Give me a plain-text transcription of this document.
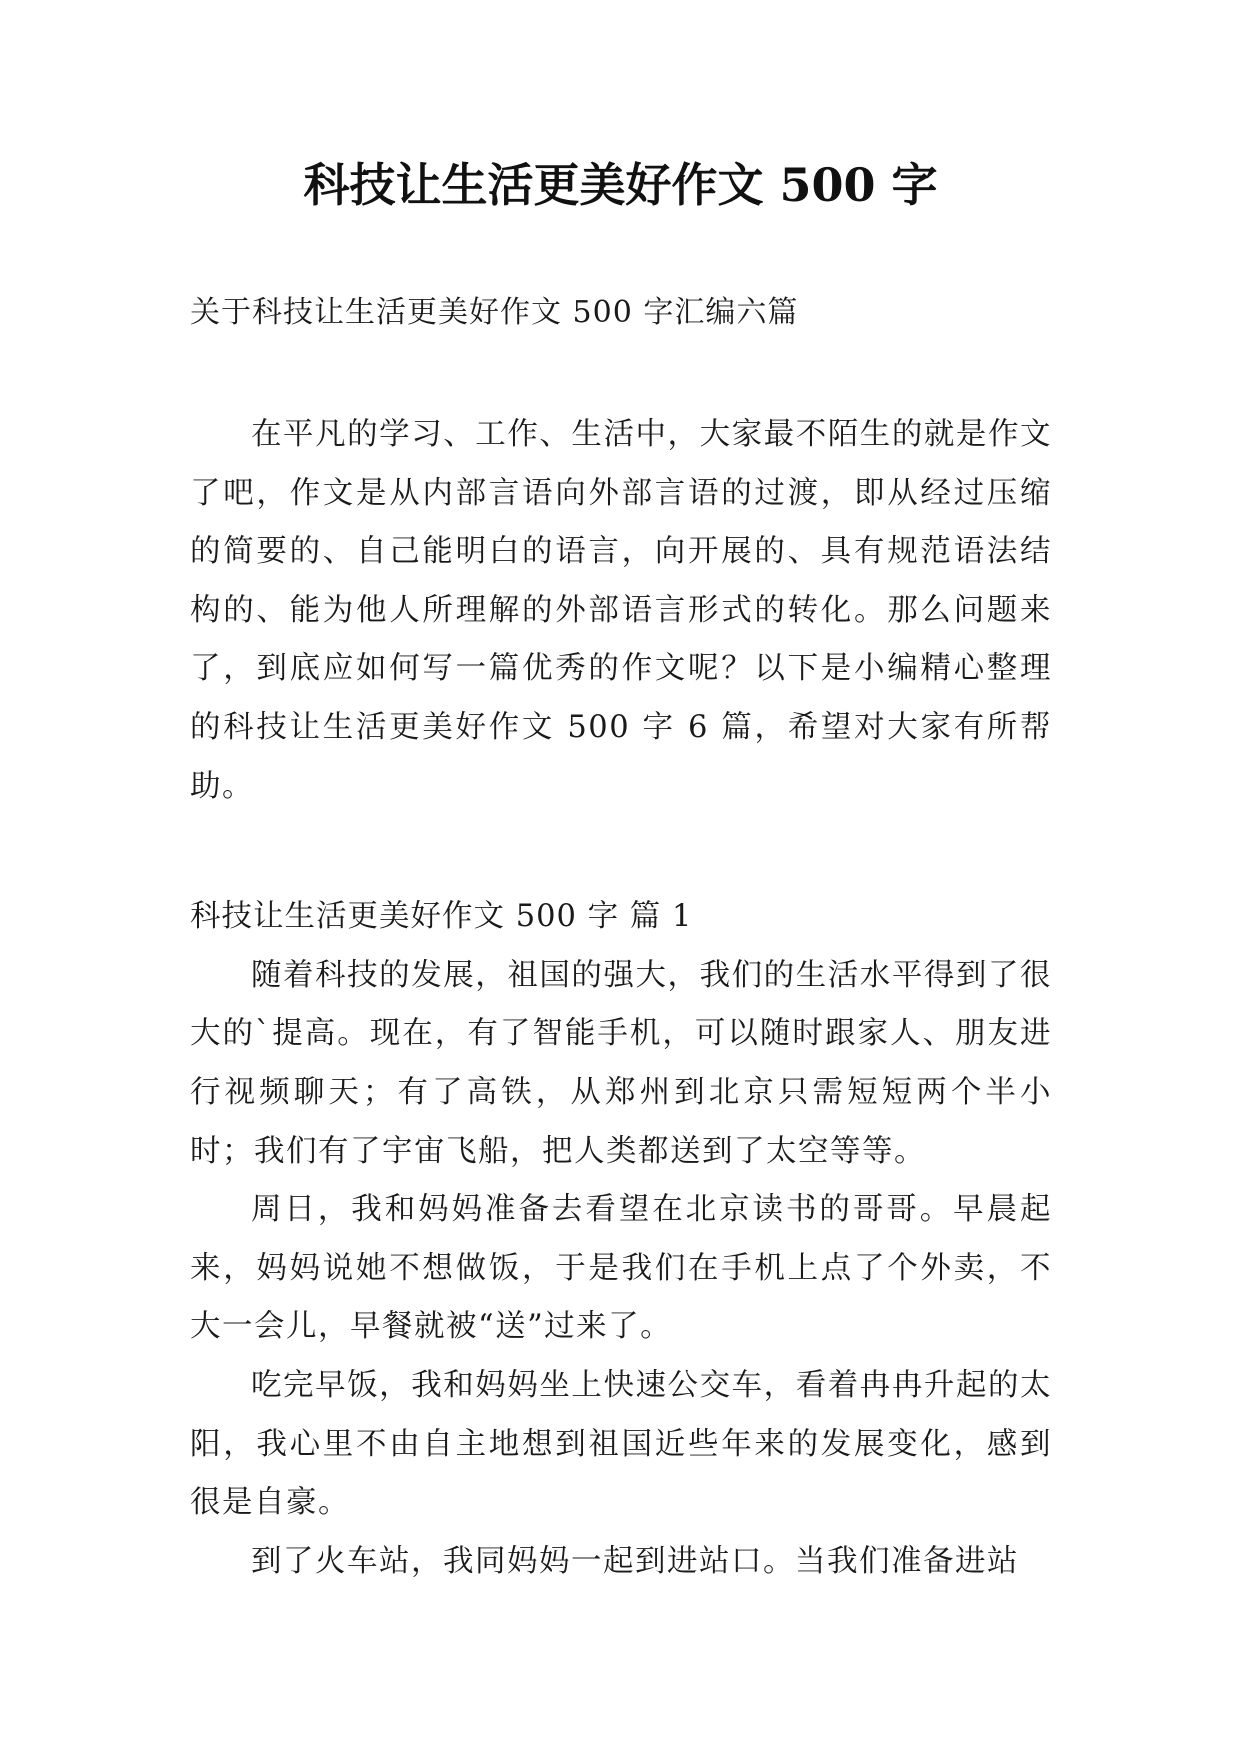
科技让生活更美好作文 500 字

关于科技让生活更美好作文 500 字汇编六篇

在平凡的学习、工作、生活中，大家最不陌生的就是作文了吧，作文是从内部言语向外部言语的过渡，即从经过压缩的简要的、自己能明白的语言，向开展的、具有规范语法结构的、能为他人所理解的外部语言形式的转化。那么问题来了，到底应如何写一篇优秀的作文呢？以下是小编精心整理的科技让生活更美好作文 500 字 6 篇，希望对大家有所帮助。

科技让生活更美好作文 500 字 篇 1

随着科技的发展，祖国的强大，我们的生活水平得到了很大的`提高。现在，有了智能手机，可以随时跟家人、朋友进行视频聊天；有了高铁，从郑州到北京只需短短两个半小时；我们有了宇宙飞船，把人类都送到了太空等等。

周日，我和妈妈准备去看望在北京读书的哥哥。早晨起来，妈妈说她不想做饭，于是我们在手机上点了个外卖，不大一会儿，早餐就被“送”过来了。

吃完早饭，我和妈妈坐上快速公交车，看着冉冉升起的太阳，我心里不由自主地想到祖国近些年来的发展变化，感到很是自豪。

到了火车站，我同妈妈一起到进站口。当我们准备进站
